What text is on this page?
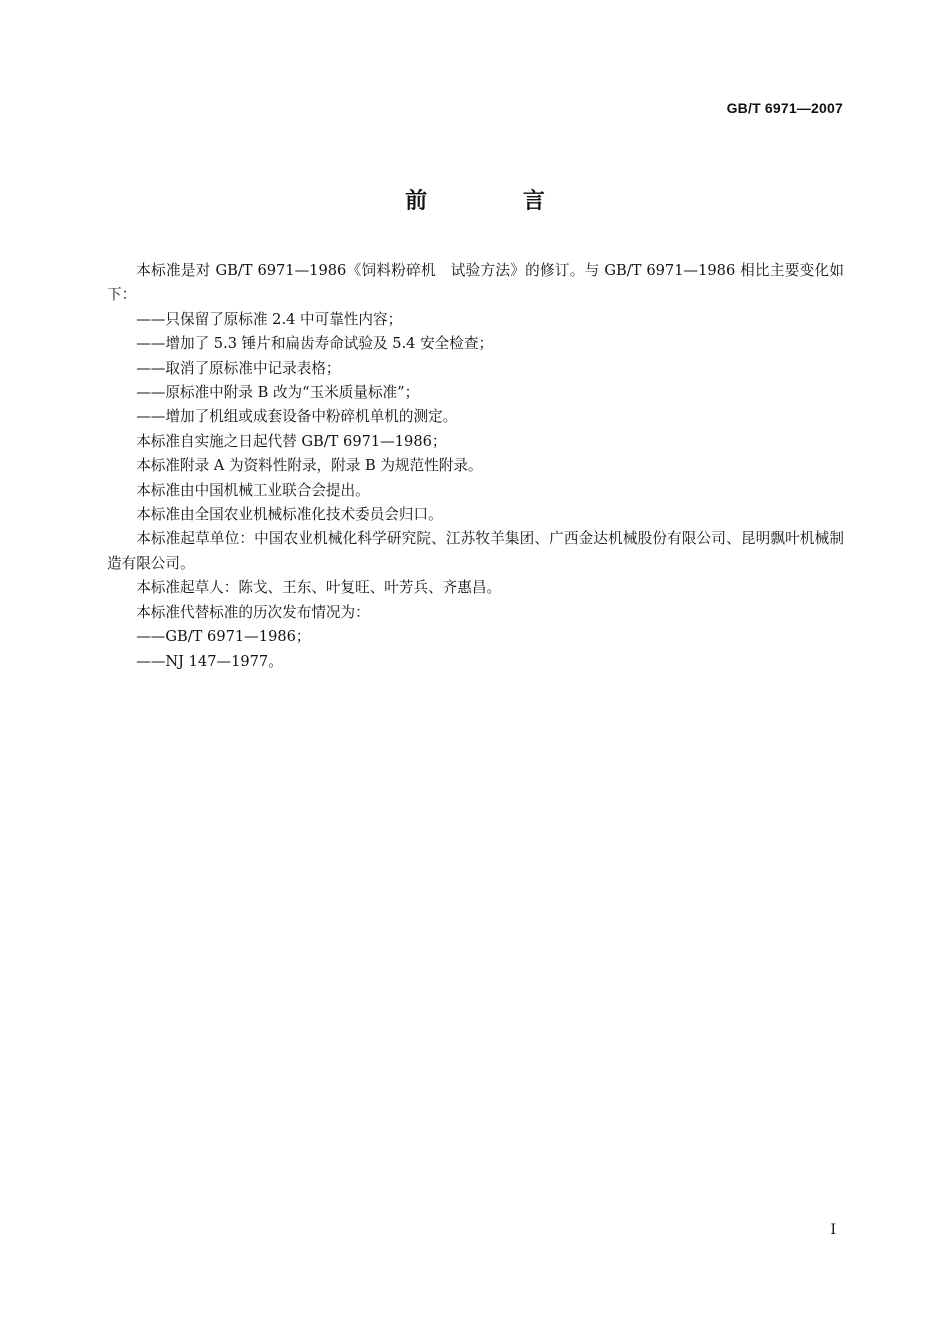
GB/T 6971—2007
前 言

本标准是对 GB/T 6971—1986《饲料粉碎机　试验方法》的修订。与 GB/T 6971—1986 相比主要变化如下：

——只保留了原标准 2.4 中可靠性内容；

——增加了 5.3 锤片和扁齿寿命试验及 5.4 安全检查；

——取消了原标准中记录表格；

——原标准中附录 B 改为“玉米质量标准”；

——增加了机组或成套设备中粉碎机单机的测定。

本标准自实施之日起代替 GB/T 6971—1986；

本标准附录 A 为资料性附录，附录 B 为规范性附录。

本标准由中国机械工业联合会提出。

本标准由全国农业机械标准化技术委员会归口。

本标准起草单位：中国农业机械化科学研究院、江苏牧羊集团、广西金达机械股份有限公司、昆明飘叶机械制造有限公司。

本标准起草人：陈戈、王东、叶复旺、叶芳兵、齐惠昌。

本标准代替标准的历次发布情况为：

——GB/T 6971—1986；

——NJ 147—1977。

I
